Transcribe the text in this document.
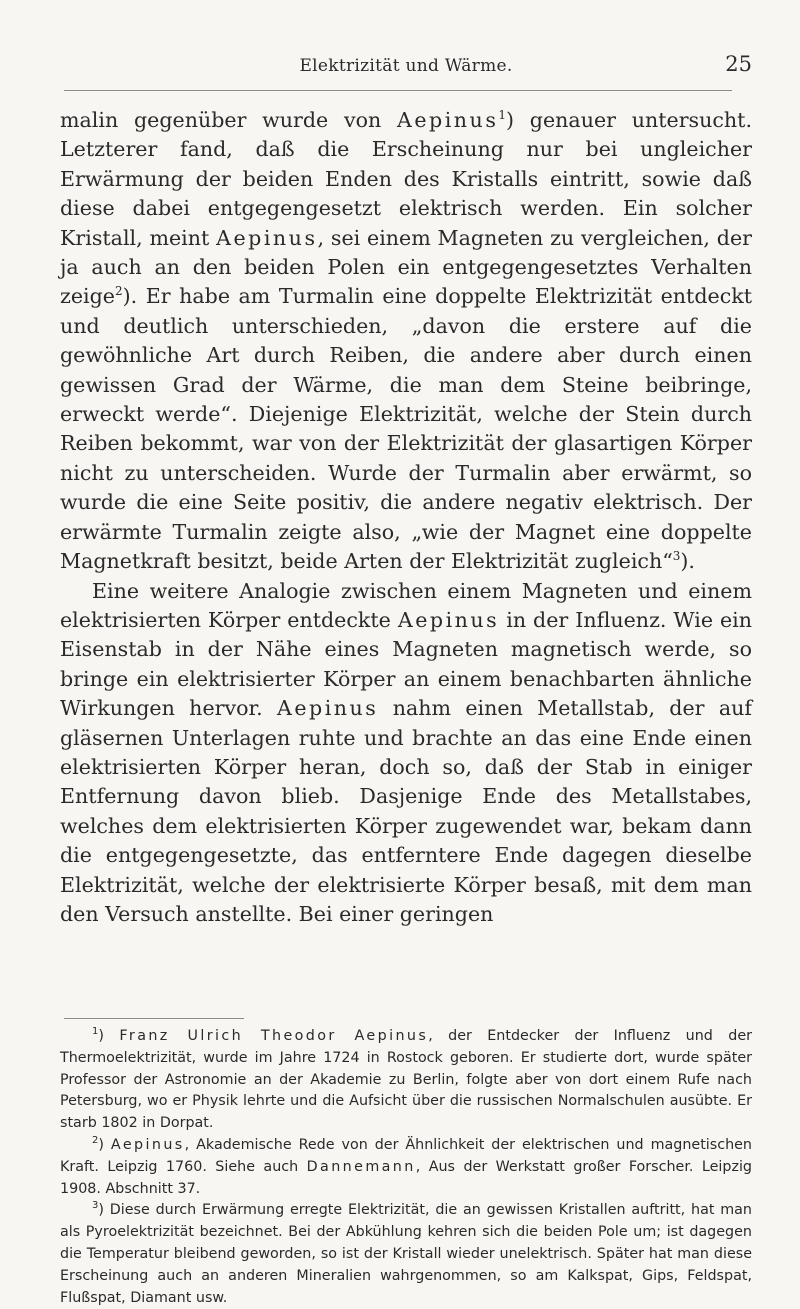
Elektrizität und Wärme.	25

malin gegenüber wurde von Aepinus$^1$) genauer untersucht. Letzterer fand, daß die Erscheinung nur bei ungleicher Erwärmung der beiden Enden des Kristalls eintritt, sowie daß diese dabei entgegengesetzt elektrisch werden. Ein solcher Kristall, meint Aepinus, sei einem Magneten zu vergleichen, der ja auch an den beiden Polen ein entgegengesetztes Verhalten zeige$^2$). Er habe am Turmalin eine doppelte Elektrizität entdeckt und deutlich unterschieden, „davon die erstere auf die gewöhnliche Art durch Reiben, die andere aber durch einen gewissen Grad der Wärme, die man dem Steine beibringe, erweckt werde“. Diejenige Elektrizität, welche der Stein durch Reiben bekommt, war von der Elektrizität der glasartigen Körper nicht zu unterscheiden. Wurde der Turmalin aber erwärmt, so wurde die eine Seite positiv, die andere negativ elektrisch. Der erwärmte Turmalin zeigte also, „wie der Magnet eine doppelte Magnetkraft besitzt, beide Arten der Elektrizität zugleich“$^3$).

Eine weitere Analogie zwischen einem Magneten und einem elektrisierten Körper entdeckte Aepinus in der Influenz. Wie ein Eisenstab in der Nähe eines Magneten magnetisch werde, so bringe ein elektrisierter Körper an einem benachbarten ähnliche Wirkungen hervor. Aepinus nahm einen Metallstab, der auf gläsernen Unterlagen ruhte und brachte an das eine Ende einen elektrisierten Körper heran, doch so, daß der Stab in einiger Entfernung davon blieb. Dasjenige Ende des Metallstabes, welches dem elektrisierten Körper zugewendet war, bekam dann die entgegengesetzte, das entferntere Ende dagegen dieselbe Elektrizität, welche der elektrisierte Körper besaß, mit dem man den Versuch anstellte. Bei einer geringen

$^1$) Franz Ulrich Theodor Aepinus, der Entdecker der Influenz und der Thermoelektrizität, wurde im Jahre 1724 in Rostock geboren. Er studierte dort, wurde später Professor der Astronomie an der Akademie zu Berlin, folgte aber von dort einem Rufe nach Petersburg, wo er Physik lehrte und die Aufsicht über die russischen Normalschulen ausübte. Er starb 1802 in Dorpat.

$^2$) Aepinus, Akademische Rede von der Ähnlichkeit der elektrischen und magnetischen Kraft. Leipzig 1760. Siehe auch Dannemann, Aus der Werkstatt großer Forscher. Leipzig 1908. Abschnitt 37.

$^3$) Diese durch Erwärmung erregte Elektrizität, die an gewissen Kristallen auftritt, hat man als Pyroelektrizität bezeichnet. Bei der Abkühlung kehren sich die beiden Pole um; ist dagegen die Temperatur bleibend geworden, so ist der Kristall wieder unelektrisch. Später hat man diese Erscheinung auch an anderen Mineralien wahrgenommen, so am Kalkspat, Gips, Feldspat, Flußspat, Diamant usw.
